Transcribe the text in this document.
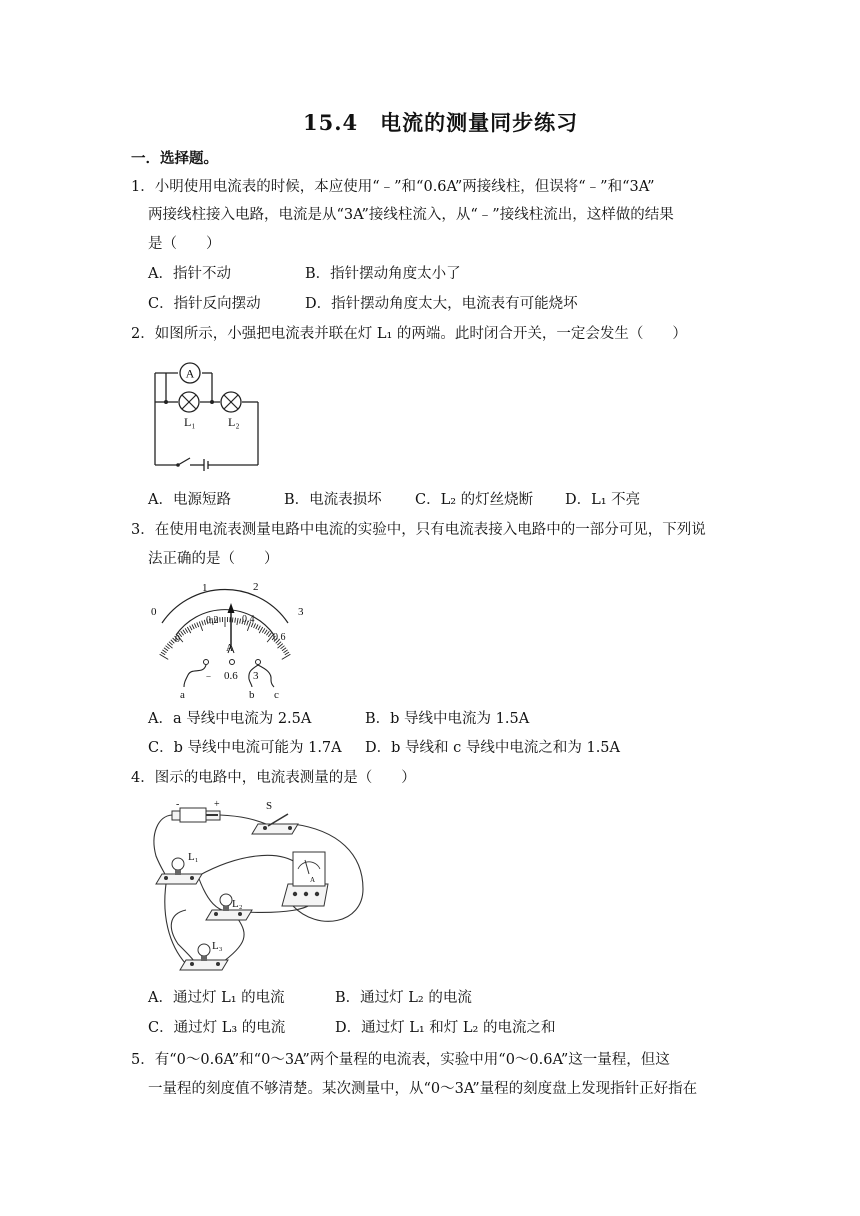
15.4　电流的测量同步练习
一．选择题。
1．小明使用电流表的时候，本应使用“﹣”和“0.6A”两接线柱，但误将“﹣”和“3A”
两接线柱接入电路，电流是从“3A”接线柱流入，从“﹣”接线柱流出，这样做的结果
是（　　）
A．指针不动	B．指针摆动角度太小了
C．指针反向摆动	D．指针摆动角度太大，电流表有可能烧坏
2．如图所示，小强把电流表并联在灯 L₁ 的两端。此时闭合开关，一定会发生（　　）
A
L₁	L₂
A．电源短路	B．电流表损坏 C．L₂ 的灯丝烧断 D．L₁ 不亮
3．在使用电流表测量电路中电流的实验中，只有电流表接入电路中的一部分可见，下列说
法正确的是（　　）
0
1	2
3
0
0.2 0.4
0.6
A
﹣ 0.6 3
a	b c
A．a 导线中电流为 2.5A	B．b 导线中电流为 1.5A
C．b 导线中电流可能为 1.7A D．b 导线和 c 导线中电流之和为 1.5A
4．图示的电路中，电流表测量的是（　　）
-	+	S
L₁
L₂
L₃
A
A．通过灯 L₁ 的电流	B．通过灯 L₂ 的电流
C．通过灯 L₃ 的电流	D．通过灯 L₁ 和灯 L₂ 的电流之和
5．有“0～0.6A”和“0～3A”两个量程的电流表，实验中用“0～0.6A”这一量程，但这
一量程的刻度值不够清楚。某次测量中，从“0～3A”量程的刻度盘上发现指针正好指在
